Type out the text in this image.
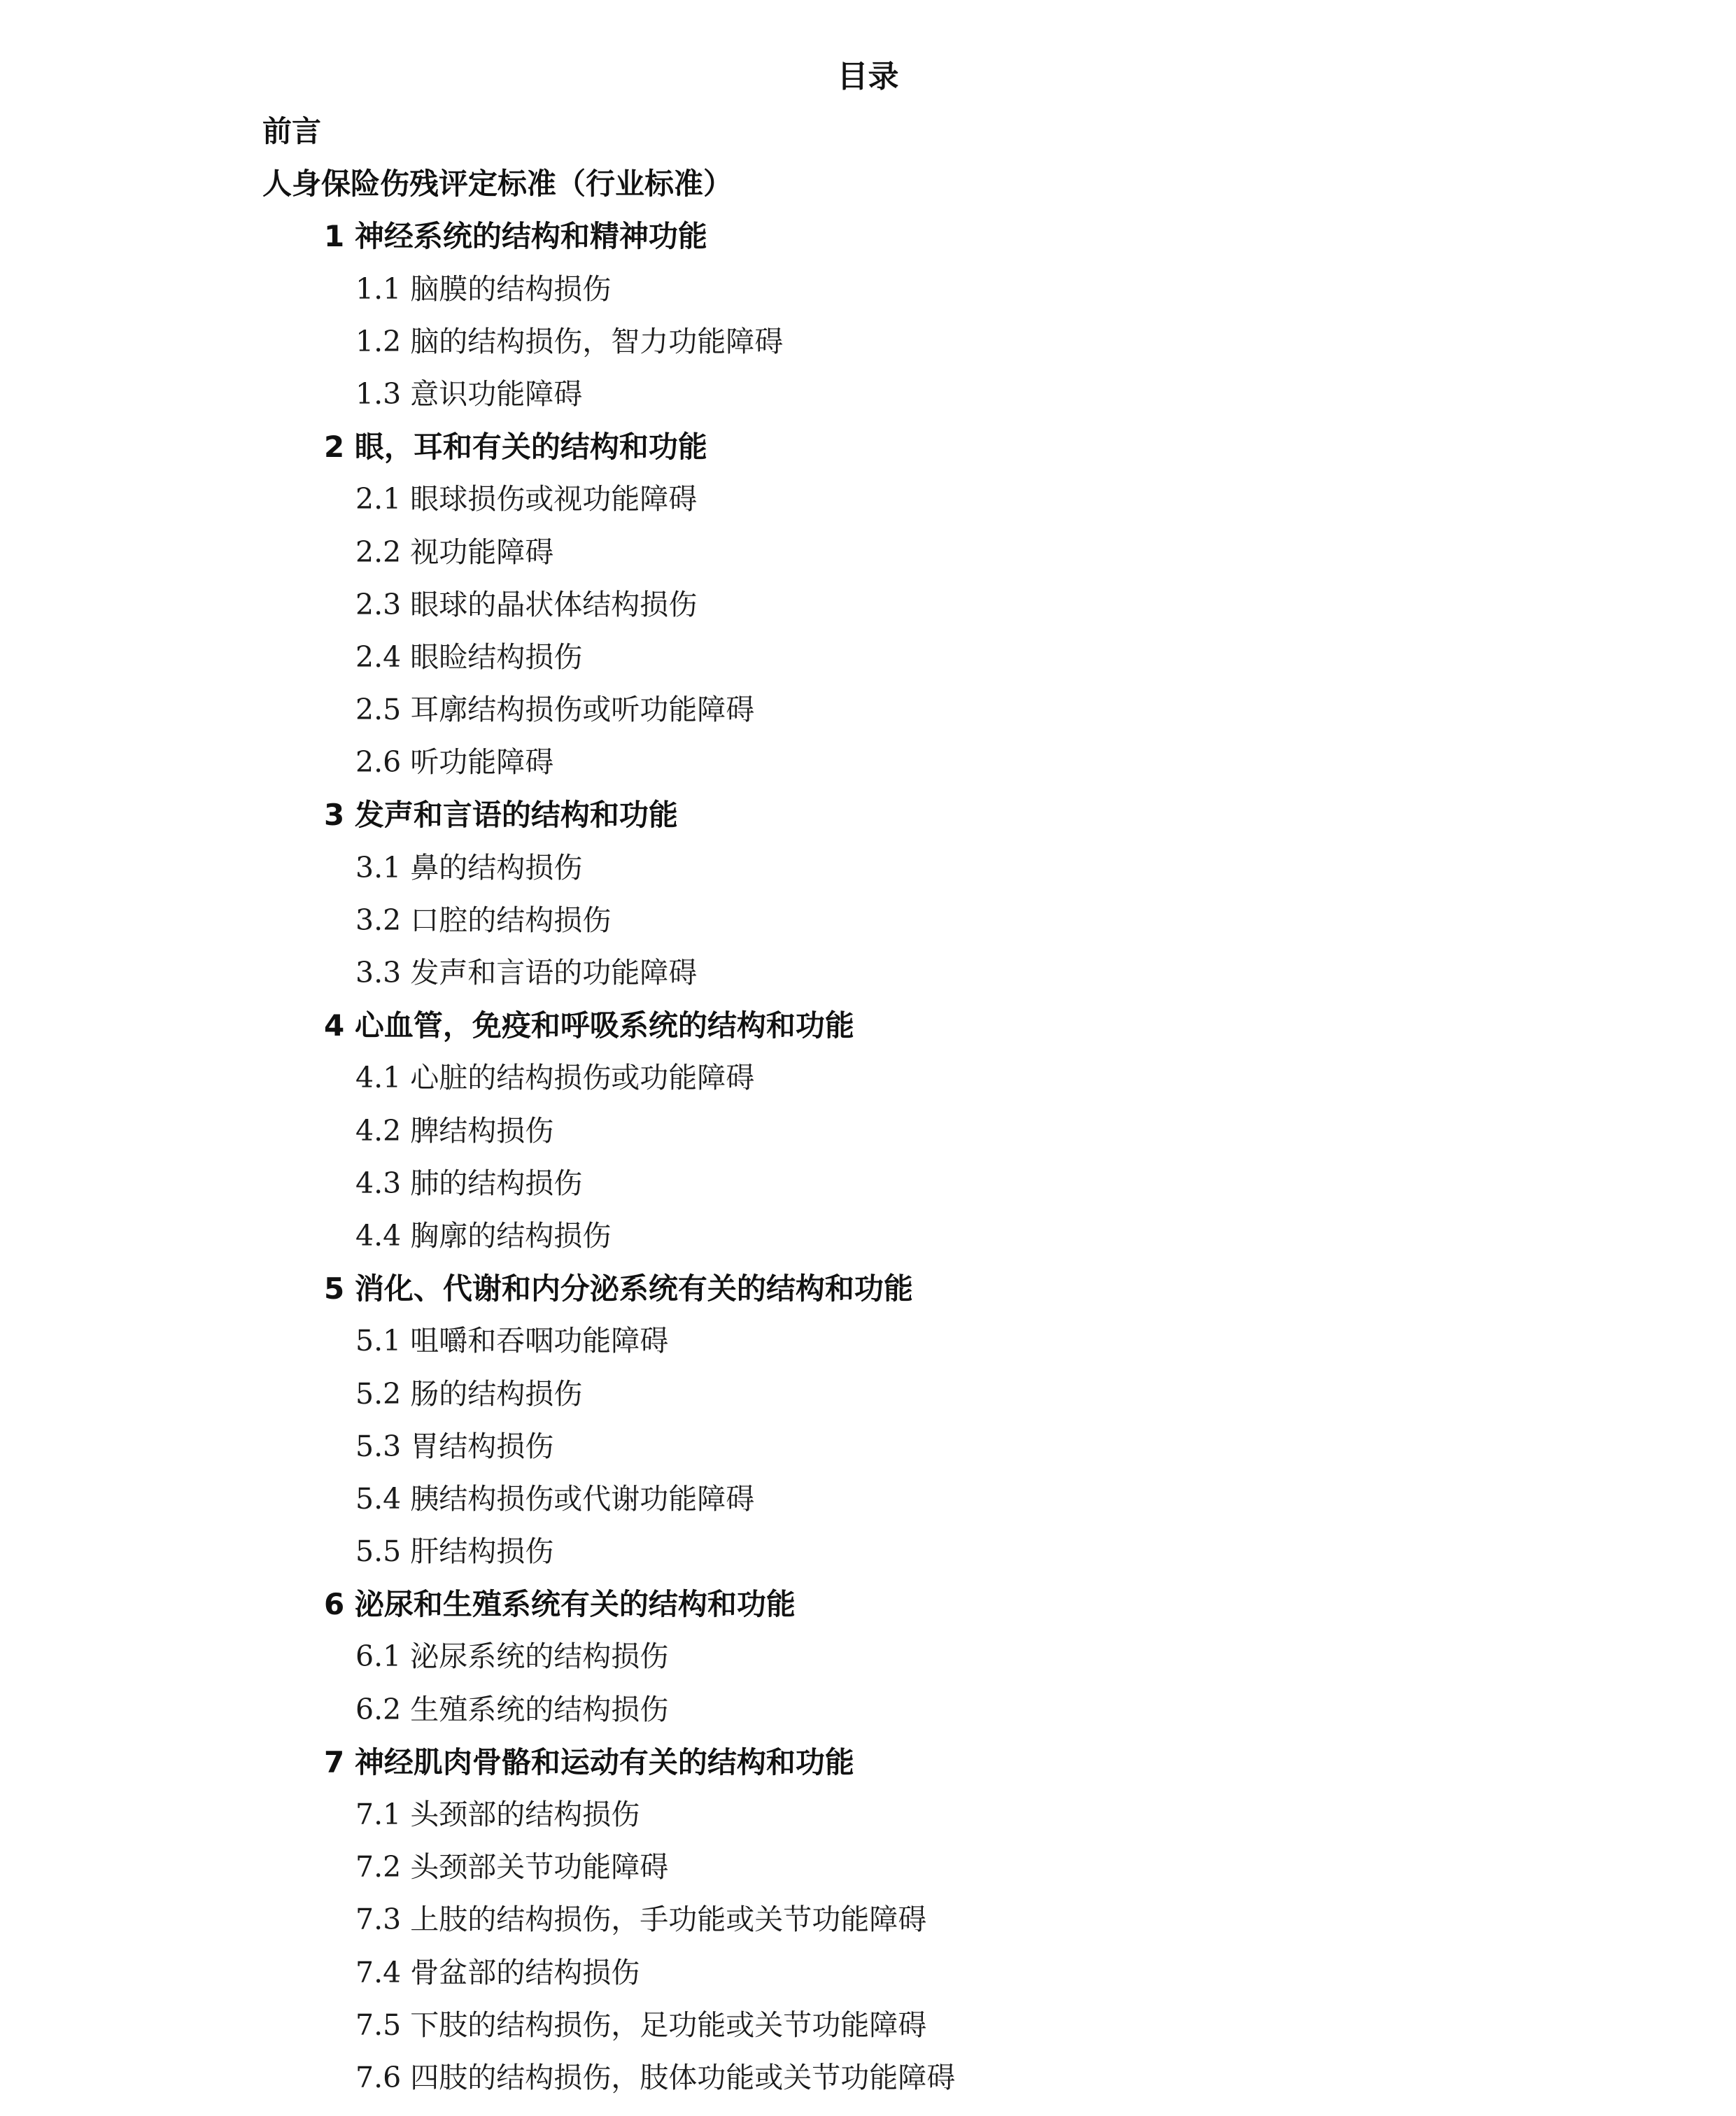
目录
前言
人身保险伤残评定标准（行业标准）
1 神经系统的结构和精神功能
1.1 脑膜的结构损伤
1.2 脑的结构损伤，智力功能障碍
1.3 意识功能障碍
2 眼，耳和有关的结构和功能
2.1 眼球损伤或视功能障碍
2.2 视功能障碍
2.3 眼球的晶状体结构损伤
2.4 眼睑结构损伤
2.5 耳廓结构损伤或听功能障碍
2.6 听功能障碍
3 发声和言语的结构和功能
3.1 鼻的结构损伤
3.2 口腔的结构损伤
3.3 发声和言语的功能障碍
4 心血管，免疫和呼吸系统的结构和功能
4.1 心脏的结构损伤或功能障碍
4.2 脾结构损伤
4.3 肺的结构损伤
4.4 胸廓的结构损伤
5 消化、代谢和内分泌系统有关的结构和功能
5.1 咀嚼和吞咽功能障碍
5.2 肠的结构损伤
5.3 胃结构损伤
5.4 胰结构损伤或代谢功能障碍
5.5 肝结构损伤
6 泌尿和生殖系统有关的结构和功能
6.1 泌尿系统的结构损伤
6.2 生殖系统的结构损伤
7 神经肌肉骨骼和运动有关的结构和功能
7.1 头颈部的结构损伤
7.2 头颈部关节功能障碍
7.3 上肢的结构损伤，手功能或关节功能障碍
7.4 骨盆部的结构损伤
7.5 下肢的结构损伤，足功能或关节功能障碍
7.6 四肢的结构损伤，肢体功能或关节功能障碍
